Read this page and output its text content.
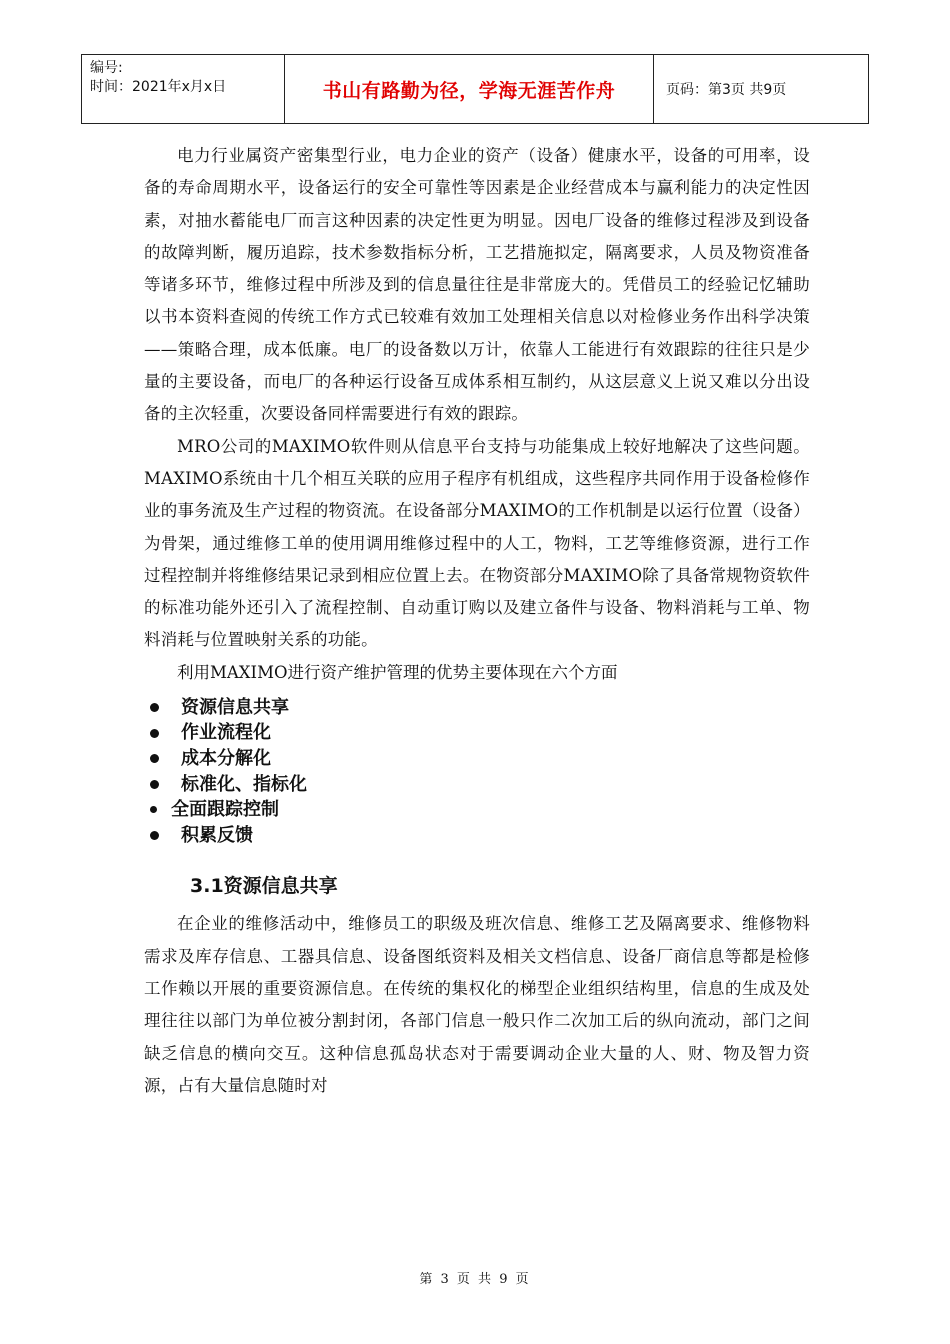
编号:
时间：2021年x月x日	书山有路勤为径，学海无涯苦作舟	页码：第3页 共9页

电力行业属资产密集型行业，电力企业的资产（设备）健康水平，设备的可用率，设备的寿命周期水平，设备运行的安全可靠性等因素是企业经营成本与赢利能力的决定性因素，对抽水蓄能电厂而言这种因素的决定性更为明显。因电厂设备的维修过程涉及到设备的故障判断，履历追踪，技术参数指标分析，工艺措施拟定，隔离要求，人员及物资准备等诸多环节，维修过程中所涉及到的信息量往往是非常庞大的。凭借员工的经验记忆辅助以书本资料查阅的传统工作方式已较难有效加工处理相关信息以对检修业务作出科学决策——策略合理，成本低廉。电厂的设备数以万计，依靠人工能进行有效跟踪的往往只是少量的主要设备，而电厂的各种运行设备互成体系相互制约，从这层意义上说又难以分出设备的主次轻重，次要设备同样需要进行有效的跟踪。

MRO公司的MAXIMO软件则从信息平台支持与功能集成上较好地解决了这些问题。MAXIMO系统由十几个相互关联的应用子程序有机组成，这些程序共同作用于设备检修作业的事务流及生产过程的物资流。在设备部分MAXIMO的工作机制是以运行位置（设备）为骨架，通过维修工单的使用调用维修过程中的人工，物料，工艺等维修资源，进行工作过程控制并将维修结果记录到相应位置上去。在物资部分MAXIMO除了具备常规物资软件的标准功能外还引入了流程控制、自动重订购以及建立备件与设备、物料消耗与工单、物料消耗与位置映射关系的功能。

利用MAXIMO进行资产维护管理的优势主要体现在六个方面

资源信息共享
作业流程化
成本分解化
标准化、指标化
全面跟踪控制
积累反馈
3.1资源信息共享

在企业的维修活动中，维修员工的职级及班次信息、维修工艺及隔离要求、维修物料需求及库存信息、工器具信息、设备图纸资料及相关文档信息、设备厂商信息等都是检修工作赖以开展的重要资源信息。在传统的集权化的梯型企业组织结构里，信息的生成及处理往往以部门为单位被分割封闭，各部门信息一般只作二次加工后的纵向流动，部门之间缺乏信息的横向交互。这种信息孤岛状态对于需要调动企业大量的人、财、物及智力资源，占有大量信息随时对

第 3 页 共 9 页
